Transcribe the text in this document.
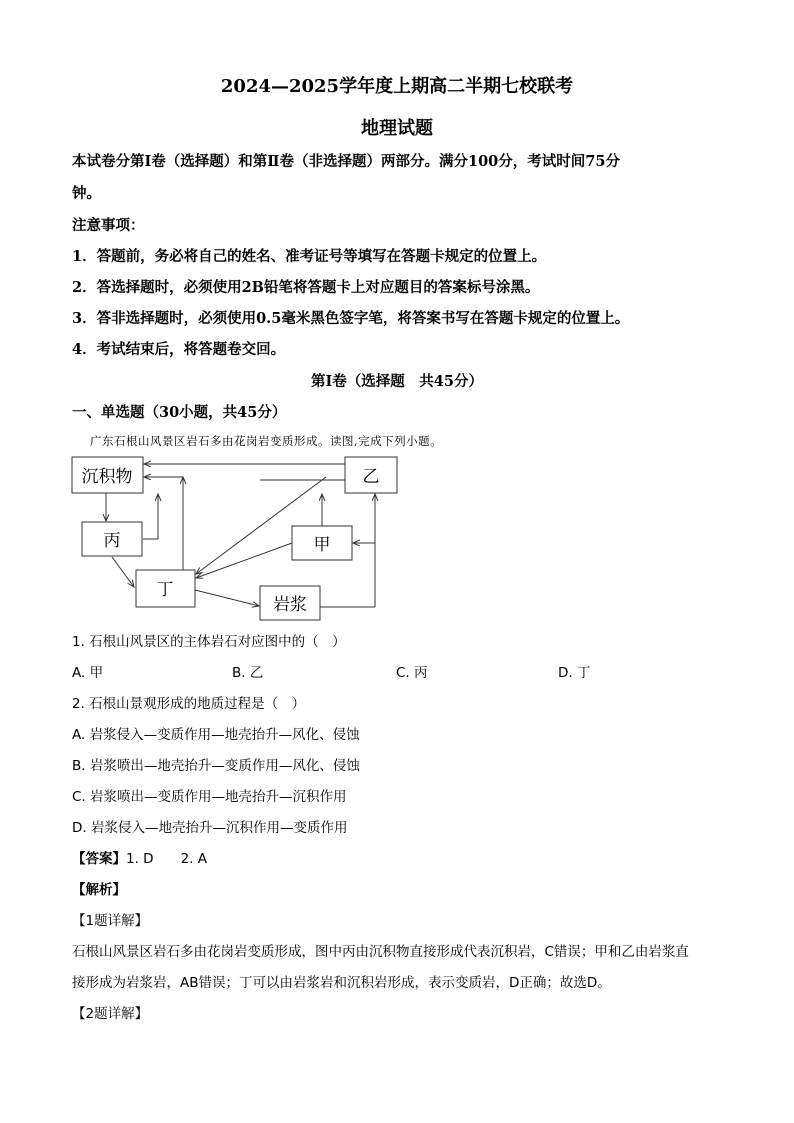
2024—2025学年度上期高二半期七校联考
地理试题
本试卷分第Ⅰ卷（选择题）和第Ⅱ卷（非选择题）两部分。满分100分，考试时间75分
钟。
注意事项：
1．答题前，务必将自己的姓名、准考证号等填写在答题卡规定的位置上。
2．答选择题时，必须使用2B铅笔将答题卡上对应题目的答案标号涂黑。
3．答非选择题时，必须使用0.5毫米黑色签字笔，将答案书写在答题卡规定的位置上。
4．考试结束后，将答题卷交回。
第Ⅰ卷（选择题　共45分）
一、单选题（30小题，共45分）
广东石根山风景区岩石多由花岗岩变质形成。读图,完成下列小题。
沉积物	乙
丙	甲
丁
岩浆
1. 石根山风景区的主体岩石对应图中的（　）
A. 甲	B. 乙	C. 丙	D. 丁
2. 石根山景观形成的地质过程是（　）
A. 岩浆侵入—变质作用—地壳抬升—风化、侵蚀
B. 岩浆喷出—地壳抬升—变质作用—风化、侵蚀
C. 岩浆喷出—变质作用—地壳抬升—沉积作用
D. 岩浆侵入—地壳抬升—沉积作用—变质作用
【答案】1. D　　2. A
【解析】
【1题详解】
石根山风景区岩石多由花岗岩变质形成，图中丙由沉积物直接形成代表沉积岩，C错误；甲和乙由岩浆直
接形成为岩浆岩，AB错误；丁可以由岩浆岩和沉积岩形成，表示变质岩，D正确；故选D。
【2题详解】
